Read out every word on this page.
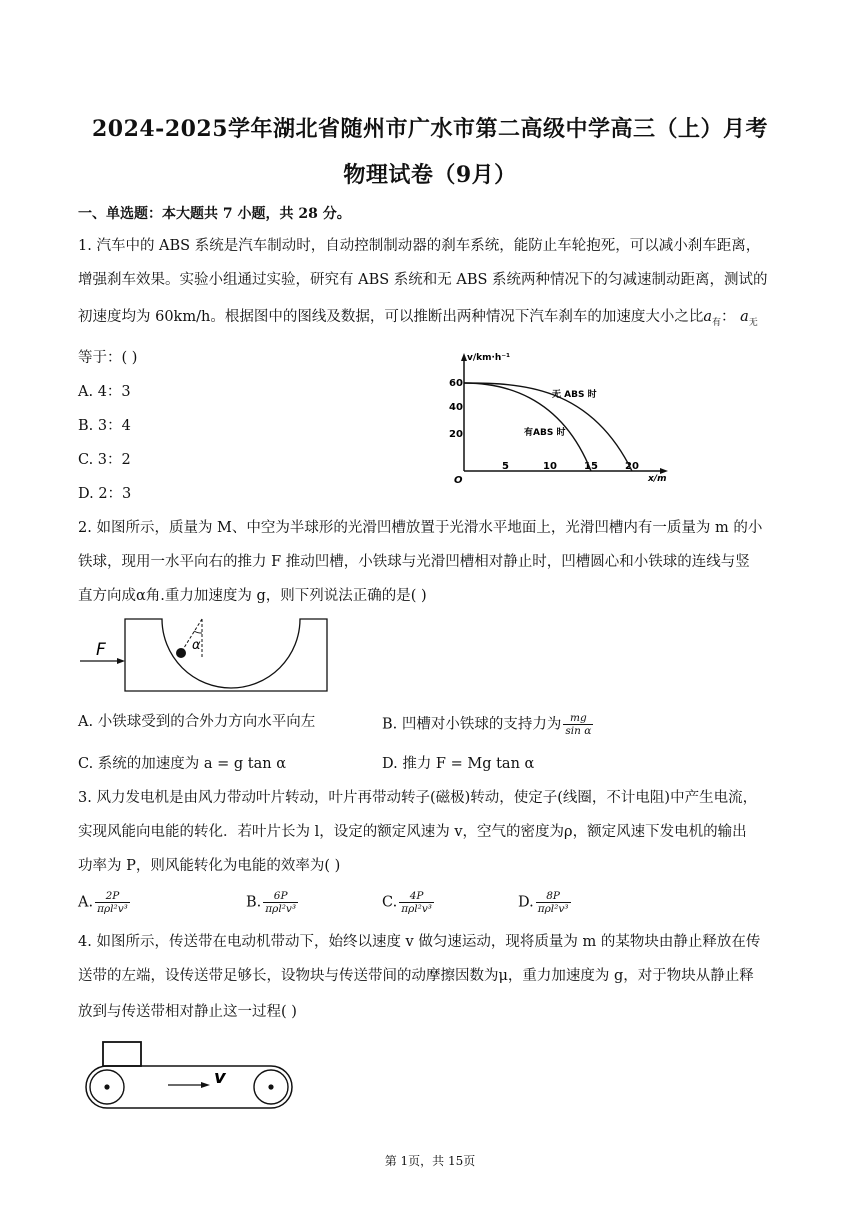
2024-2025学年湖北省随州市广水市第二高级中学高三（上）月考
物理试卷（9月）
一、单选题：本大题共 7 小题，共 28 分。
1. 汽车中的 ABS 系统是汽车制动时，自动控制制动器的刹车系统，能防止车轮抱死，可以减小刹车距离，
增强刹车效果。实验小组通过实验，研究有 ABS 系统和无 ABS 系统两种情况下的匀减速制动距离，测试的
初速度均为 60km/h。根据图中的图线及数据，可以推断出两种情况下汽车刹车的加速度大小之比$a_有$： $a_无$
等于：( )
A. 4：3
B. 3：4
C. 3：2
D. 2：3
v/km·h⁻¹
x/m
O
60
40
20
5	10	15	20
无 ABS 时
有ABS 时
2. 如图所示，质量为 M、中空为半球形的光滑凹槽放置于光滑水平地面上，光滑凹槽内有一质量为 m 的小
铁球，现用一水平向右的推力 F 推动凹槽，小铁球与光滑凹槽相对静止时，凹槽圆心和小铁球的连线与竖
直方向成α角.重力加速度为 g，则下列说法正确的是( )
F	α
A. 小铁球受到的合外力方向水平向左	B. 凹槽对小铁球的支持力为 $\frac{mg}{\text{sin α}}$
C. 系统的加速度为 a = g tan α	D. 推力 F = Mg tan α
3. 风力发电机是由风力带动叶片转动，叶片再带动转子(磁极)转动，使定子(线圈，不计电阻)中产生电流，
实现风能向电能的转化．若叶片长为 l，设定的额定风速为 v，空气的密度为ρ，额定风速下发电机的输出
功率为 P，则风能转化为电能的效率为( )
A. $\frac{2P}{\text{πρl²v³}}$	B. $\frac{6P}{\text{πρl²v³}}$	C. $\frac{4P}{\text{πρl²v³}}$	D. $\frac{8P}{\text{πρl²v³}}$
4. 如图所示，传送带在电动机带动下，始终以速度 v 做匀速运动，现将质量为 m 的某物块由静止释放在传
送带的左端，设传送带足够长，设物块与传送带间的动摩擦因数为μ，重力加速度为 g，对于物块从静止释
放到与传送带相对静止这一过程( )
v
第 1页，共 15页
